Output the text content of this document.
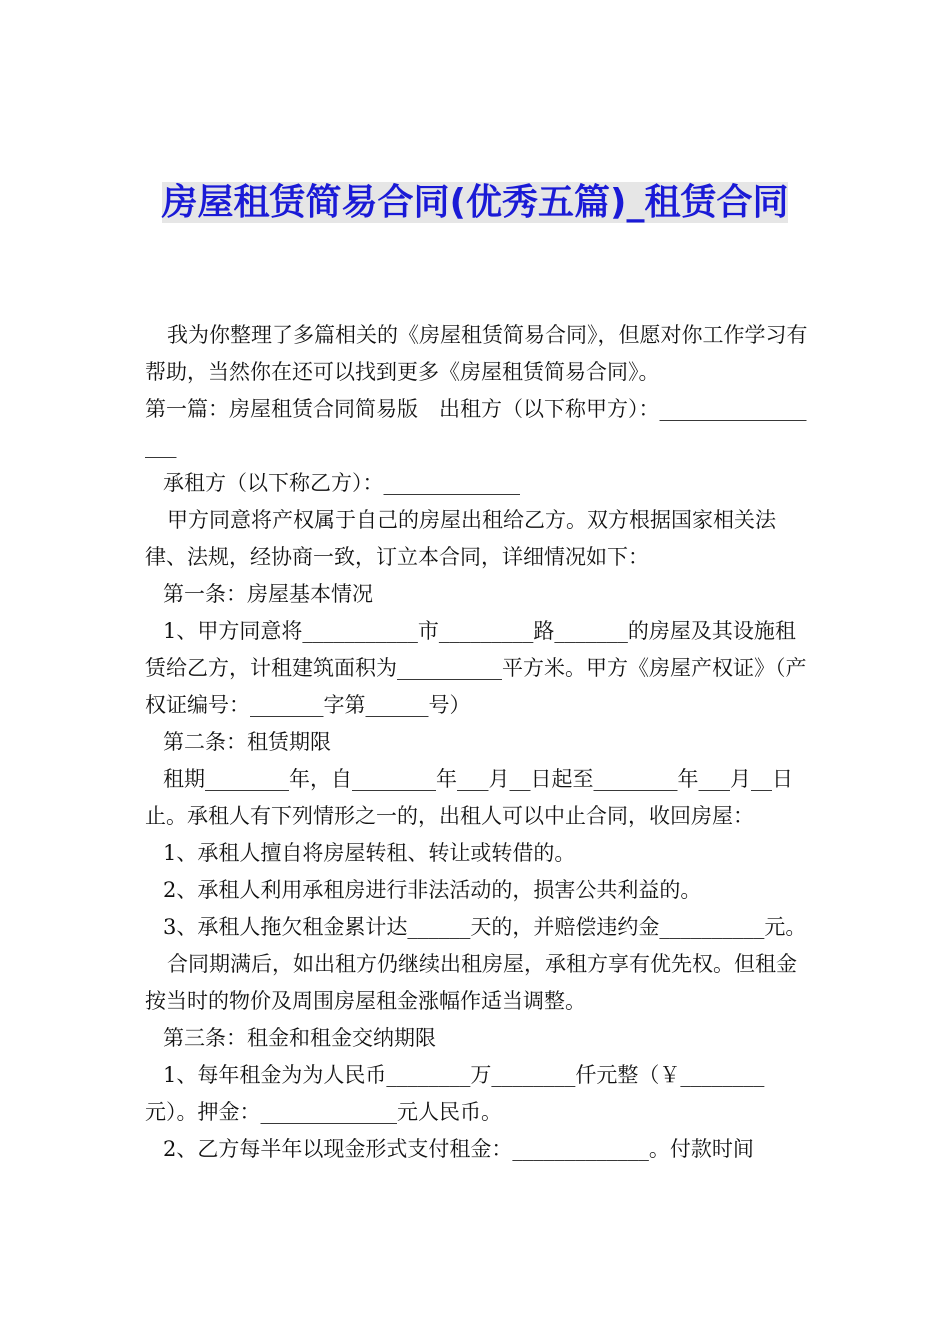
房屋租赁简易合同(优秀五篇)_租赁合同

我为你整理了多篇相关的《房屋租赁简易合同》，但愿对你工作学习有帮助，当然你在还可以找到更多《房屋租赁简易合同》。

第一篇：房屋租赁合同简易版　出租方（以下称甲方）：_________________

承租方（以下称乙方）：_____________

甲方同意将产权属于自己的房屋出租给乙方。双方根据国家相关法律、法规，经协商一致，订立本合同，详细情况如下：

第一条：房屋基本情况

1、甲方同意将___________市_________路_______的房屋及其设施租赁给乙方，计租建筑面积为__________平方米。甲方《房屋产权证》（产权证编号：_______字第______号）

第二条：租赁期限

租期________年，自________年___月__日起至________年___月__日止。承租人有下列情形之一的，出租人可以中止合同，收回房屋：

1、承租人擅自将房屋转租、转让或转借的。

2、承租人利用承租房进行非法活动的，损害公共利益的。

3、承租人拖欠租金累计达______天的，并赔偿违约金__________元。

合同期满后，如出租方仍继续出租房屋，承租方享有优先权。但租金按当时的物价及周围房屋租金涨幅作适当调整。

第三条：租金和租金交纳期限

1、每年租金为为人民币________万________仟元整（￥________元）。押金：_____________元人民币。

2、乙方每半年以现金形式支付租金：_____________。付款时间
